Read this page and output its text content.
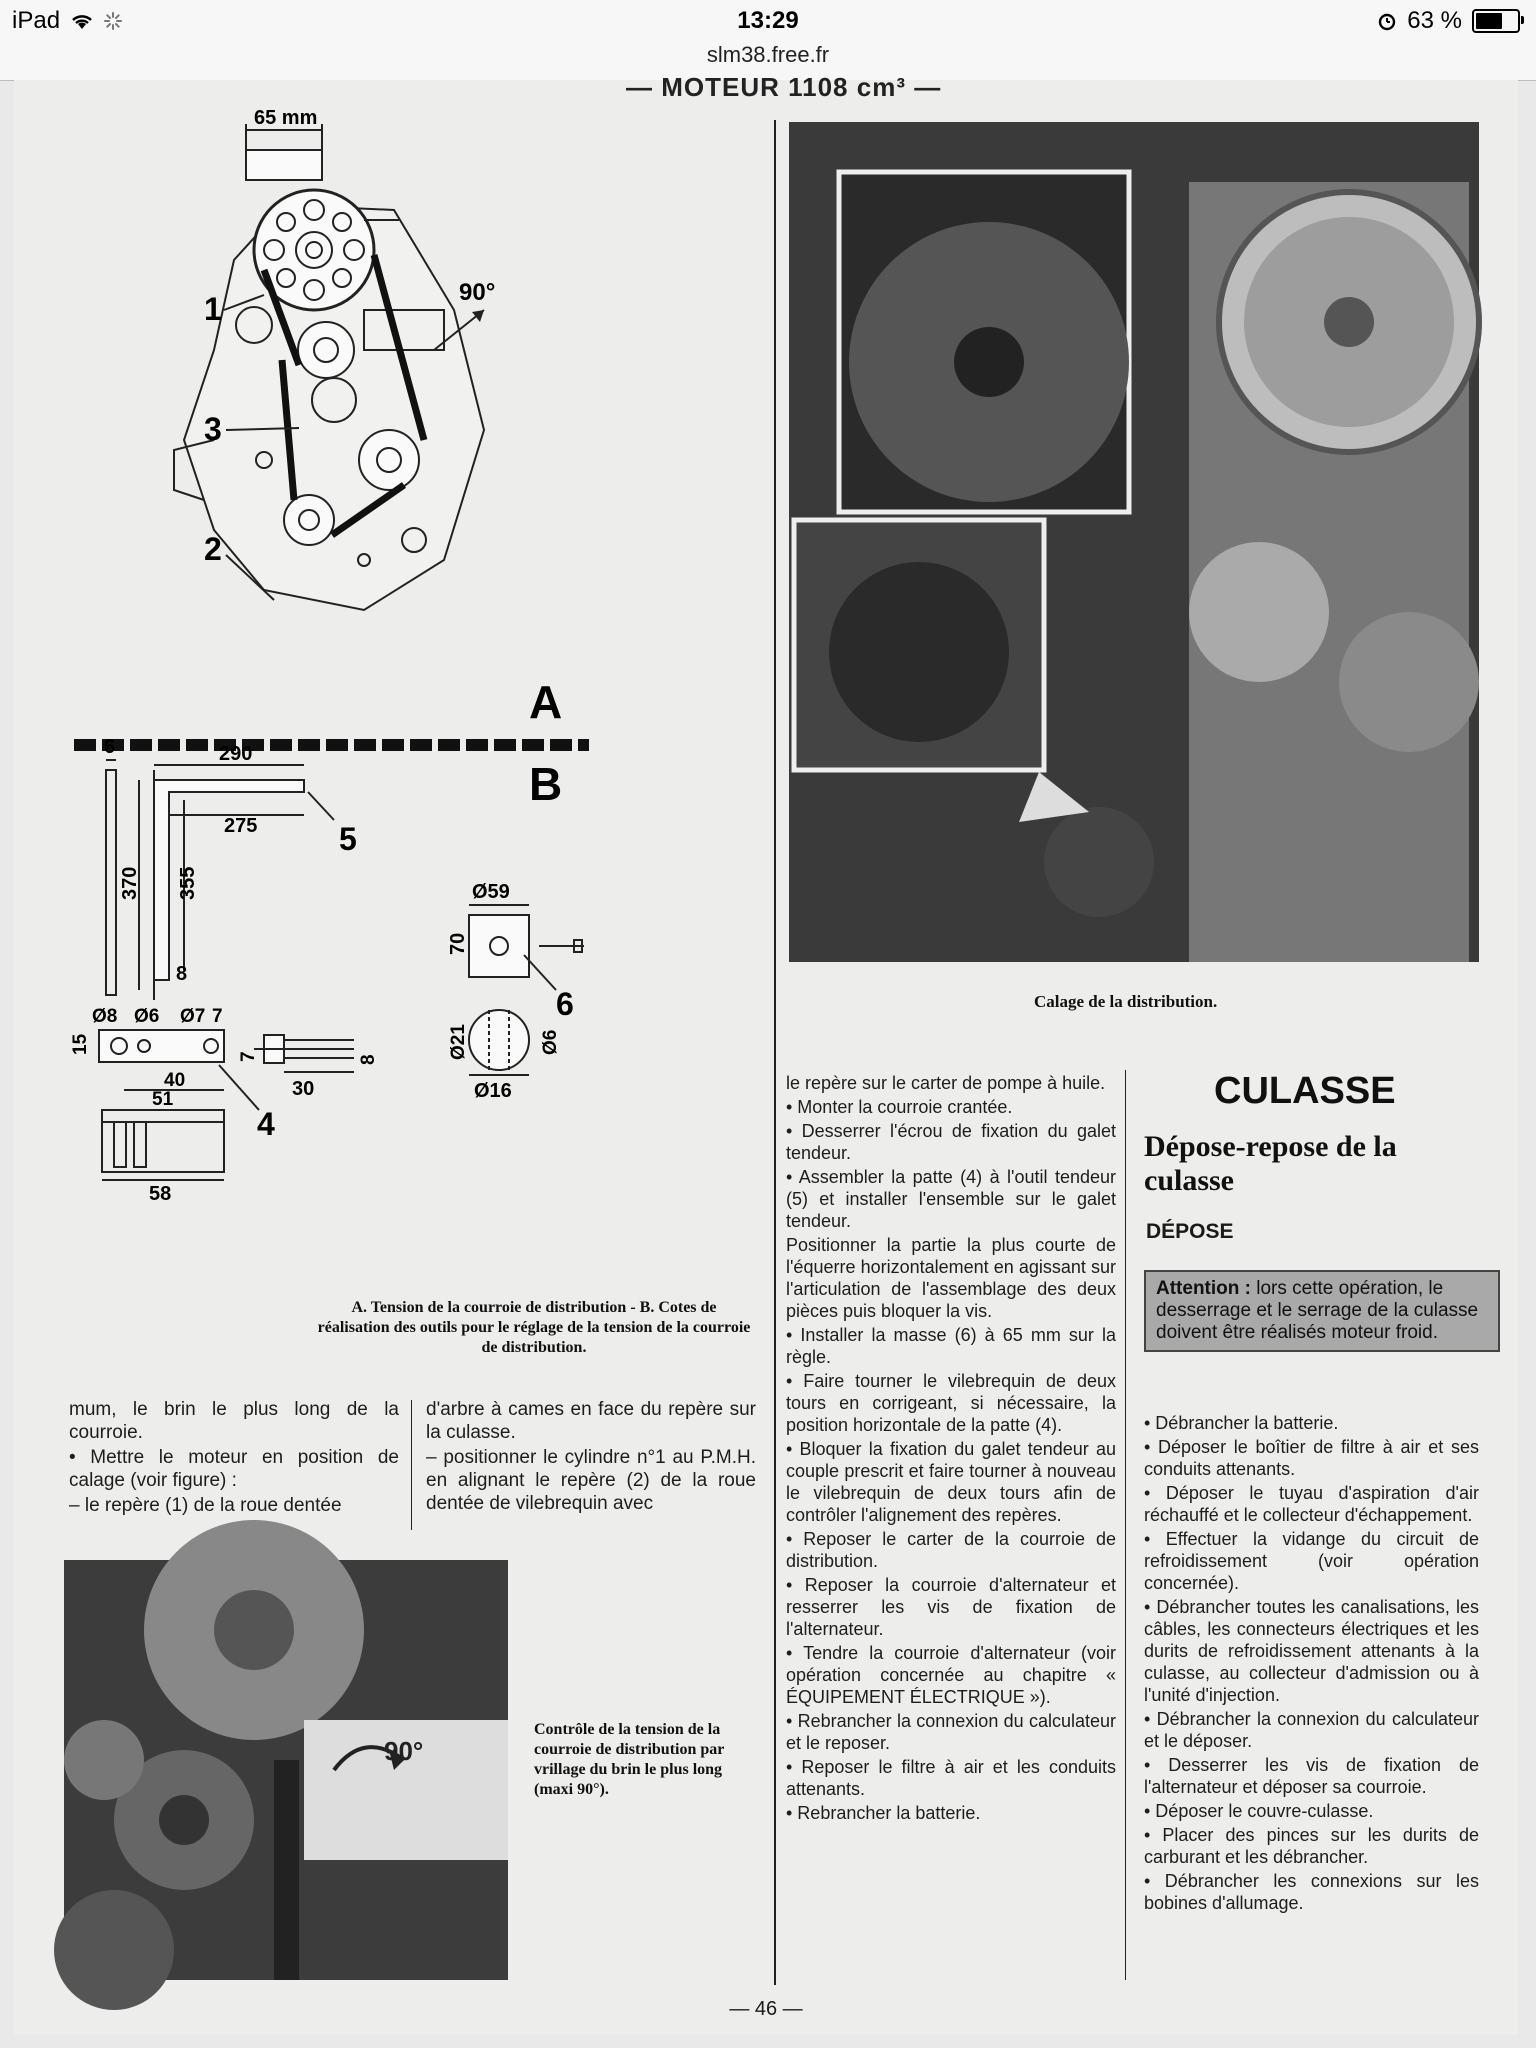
iPad	13:29	63 %
slm38.free.fr
— MOTEUR 1108 cm³ —
65 mm
90°
1
3
2
A
B
6	290
275	5
370 355
8
Ø8 Ø6 Ø7 7
15
40
51
58
4
7
30
8
Ø59
70
6
Ø21	Ø6
Ø16
A. Tension de la courroie de distribution - B. Cotes de réalisation des outils pour le réglage de la tension de la courroie de distribution.
Calage de la distribution.
90°
Contrôle de la tension de la courroie de distribution par vrillage du brin le plus long (maxi 90°).

mum, le brin le plus long de la courroie.

• Mettre le moteur en position de calage (voir figure) :

– le repère (1) de la roue dentée

d'arbre à cames en face du repère sur la culasse.

– positionner le cylindre n°1 au P.M.H. en alignant le repère (2) de la roue dentée de vilebrequin avec

le repère sur le carter de pompe à huile.

• Monter la courroie crantée.

• Desserrer l'écrou de fixation du galet tendeur.

• Assembler la patte (4) à l'outil tendeur (5) et installer l'ensemble sur le galet tendeur.

Positionner la partie la plus courte de l'équerre horizontalement en agissant sur l'articulation de l'assemblage des deux pièces puis bloquer la vis.

• Installer la masse (6) à 65 mm sur la règle.

• Faire tourner le vilebrequin de deux tours en corrigeant, si nécessaire, la position horizontale de la patte (4).

• Bloquer la fixation du galet tendeur au couple prescrit et faire tourner à nouveau le vilebrequin de deux tours afin de contrôler l'alignement des repères.

• Reposer le carter de la courroie de distribution.

• Reposer la courroie d'alternateur et resserrer les vis de fixation de l'alternateur.

• Tendre la courroie d'alternateur (voir opération concernée au chapitre « ÉQUIPEMENT ÉLECTRIQUE »).

• Rebrancher la connexion du calculateur et le reposer.

• Reposer le filtre à air et les conduits attenants.

• Rebrancher la batterie.

CULASSE
Dépose-repose de la culasse
DÉPOSE
Attention : lors cette opération, le desserrage et le serrage de la culasse doivent être réalisés moteur froid.

• Débrancher la batterie.

• Déposer le boîtier de filtre à air et ses conduits attenants.

• Déposer le tuyau d'aspiration d'air réchauffé et le collecteur d'échappement.

• Effectuer la vidange du circuit de refroidissement (voir opération concernée).

• Débrancher toutes les canalisations, les câbles, les connecteurs électriques et les durits de refroidissement attenants à la culasse, au collecteur d'admission ou à l'unité d'injection.

• Débrancher la connexion du calculateur et le déposer.

• Desserrer les vis de fixation de l'alternateur et déposer sa courroie.

• Déposer le couvre-culasse.

• Placer des pinces sur les durits de carburant et les débrancher.

• Débrancher les connexions sur les bobines d'allumage.

— 46 —
